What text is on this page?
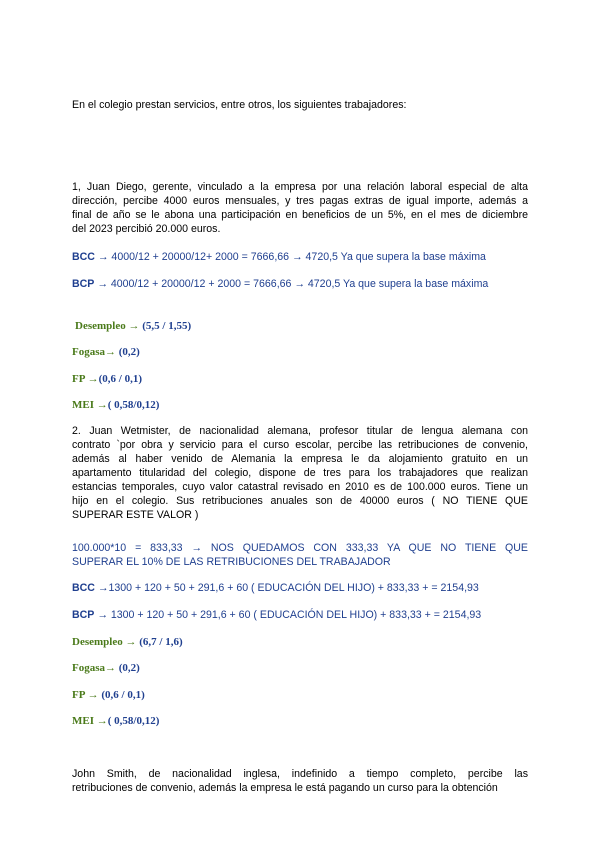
En el colegio prestan servicios, entre otros, los siguientes trabajadores:

1, Juan Diego, gerente, vinculado a la empresa por una relación laboral especial de alta
dirección, percibe 4000 euros mensuales, y tres pagas extras de igual importe, además a
final de año se le abona una participación en beneficios de un 5%, en el mes de diciembre
del 2023 percibió 20.000 euros.
BCC → 4000/12 + 20000/12+ 2000 = 7666,66 → 4720,5 Ya que supera la base máxima
BCP → 4000/12 + 20000/12 + 2000 = 7666,66 → 4720,5 Ya que supera la base máxima
Desempleo → (5,5 / 1,55)
Fogasa→ (0,2)
FP →(0,6 / 0,1)
MEI →( 0,58/0,12)
2. Juan Wetmister, de nacionalidad alemana, profesor titular de lengua alemana con
contrato `por obra y servicio para el curso escolar, percibe las retribuciones de convenio,
además al haber venido de Alemania la empresa le da alojamiento gratuito en un
apartamento titularidad del colegio, dispone de tres para los trabajadores que realizan
estancias temporales, cuyo valor catastral revisado en 2010 es de 100.000 euros. Tiene un
hijo en el colegio. Sus retribuciones anuales son de 40000 euros ( NO TIENE QUE
SUPERAR ESTE VALOR )
100.000*10 = 833,33 → NOS QUEDAMOS CON 333,33 YA QUE NO TIENE QUE
SUPERAR EL 10% DE LAS RETRIBUCIONES DEL TRABAJADOR
BCC →1300 + 120 + 50 + 291,6 + 60 ( EDUCACIÓN DEL HIJO) + 833,33 + = 2154,93
BCP → 1300 + 120 + 50 + 291,6 + 60 ( EDUCACIÓN DEL HIJO) + 833,33 + = 2154,93
Desempleo → (6,7 / 1,6)
Fogasa→ (0,2)
FP → (0,6 / 0,1)
MEI →( 0,58/0,12)
John Smith, de nacionalidad inglesa, indefinido a tiempo completo, percibe las
retribuciones de convenio, además la empresa le está pagando un curso para la obtención
